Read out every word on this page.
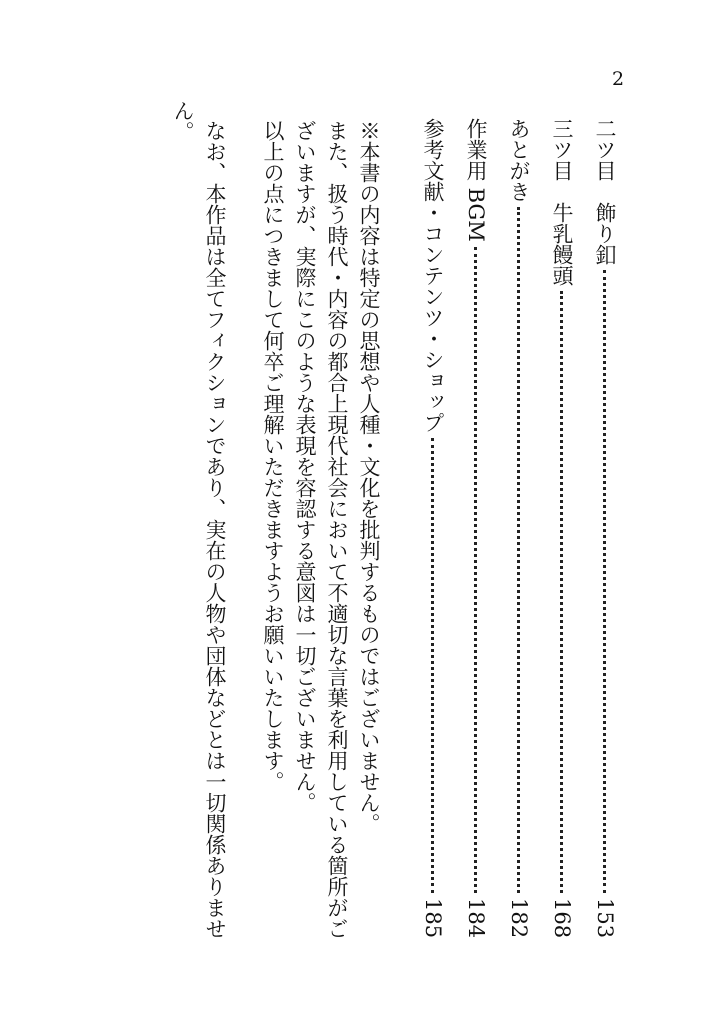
2
二ツ目　飾り釦
153
三ツ目　牛乳饅頭
168
あとがき
182
作業用 BGM
184
参考文献・コンテンツ・ショップ
185
※本書の内容は特定の思想や人種・文化を批判するものではございません。
また、扱う時代・内容の都合上現代社会において不適切な言葉を利用している箇所がご
ざいますが、実際にこのような表現を容認する意図は一切ございません。
以上の点につきまして何卒ご理解いただきますようお願いいたします。
なお、本作品は全てフィクションであり、実在の人物や団体などとは一切関係ありませ
ん。
